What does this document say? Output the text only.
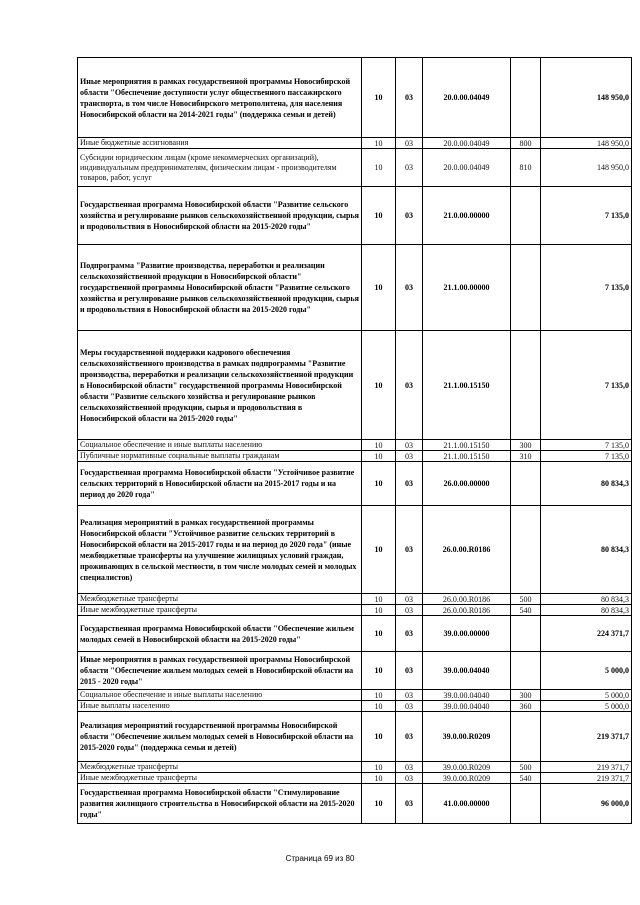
Иные мероприятия в рамках государственной программы Новосибирской области "Обеспечение доступности услуг общественного пассажирского транспорта, в том числе Новосибирского метрополитена, для населения Новосибирской области на 2014-2021 годы" (поддержка семьи и детей)	10	03	20.0.00.04049		148 950,0
Иные бюджетные ассигнования	10	03	20.0.00.04049	800	148 950,0
Субсидии юридическим лицам (кроме некоммерческих организаций), индивидуальным предпринимателям, физическим лицам - производителям товаров, работ, услуг	10	03	20.0.00.04049	810	148 950,0
Государственная программа Новосибирской области "Развитие сельского хозяйства и регулирование рынков сельскохозяйственной продукции, сырья и продовольствия в Новосибирской области на 2015-2020 годы"	10	03	21.0.00.00000		7 135,0
Подпрограмма "Развитие производства, переработки и реализации сельскохозяйственной продукции в Новосибирской области" государственной программы Новосибирской области "Развитие сельского хозяйства и регулирование рынков сельскохозяйственной продукции, сырья и продовольствия в Новосибирской области на 2015-2020 годы"	10	03	21.1.00.00000		7 135,0
Меры государственной поддержки кадрового обеспечения сельскохозяйственного производства в рамках подпрограммы "Развитие производства, переработки и реализации сельскохозяйственной продукции в Новосибирской области" государственной программы Новосибирской области "Развитие сельского хозяйства и регулирование рынков сельскохозяйственной продукции, сырья и продовольствия в Новосибирской области на 2015-2020 годы"	10	03	21.1.00.15150		7 135,0
Социальное обеспечение и иные выплаты населению	10	03	21.1.00.15150	300	7 135,0
Публичные нормативные социальные выплаты гражданам	10	03	21.1.00.15150	310	7 135,0
Государственная программа Новосибирской области "Устойчивое развитие сельских территорий в Новосибирской области на 2015-2017 годы и на период до 2020 года"	10	03	26.0.00.00000		80 834,3
Реализация мероприятий в рамках государственной программы Новосибирской области "Устойчивое развитие сельских территорий в Новосибирской области на 2015-2017 годы и на период до 2020 года" (иные межбюджетные трансферты на улучшение жилищных условий граждан, проживающих в сельской местности, в том числе молодых семей и молодых специалистов)	10	03	26.0.00.R0186		80 834,3
Межбюджетные трансферты	10	03	26.0.00.R0186	500	80 834,3
Иные межбюджетные трансферты	10	03	26.0.00.R0186	540	80 834,3
Государственная программа Новосибирской области "Обеспечение жильем молодых семей в Новосибирской области на 2015-2020 годы"	10	03	39.0.00.00000		224 371,7
Иные мероприятия в рамках государственной программы Новосибирской области "Обеспечение жильем молодых семей в Новосибирской области на 2015 - 2020 годы"	10	03	39.0.00.04040		5 000,0
Социальное обеспечение и иные выплаты населению	10	03	39.0.00.04040	300	5 000,0
Иные выплаты населению	10	03	39.0.00.04040	360	5 000,0
Реализация мероприятий государственной программы Новосибирской области "Обеспечение жильем молодых семей в Новосибирской области на 2015-2020 годы" (поддержка семьи и детей)	10	03	39.0.00.R0209		219 371,7
Межбюджетные трансферты	10	03	39.0.00.R0209	500	219 371,7
Иные межбюджетные трансферты	10	03	39.0.00.R0209	540	219 371,7
Государственная программа Новосибирской области "Стимулирование развития жилищного строительства в Новосибирской области на 2015-2020 годы"	10	03	41.0.00.00000		96 000,0
Страница 69 из 80
